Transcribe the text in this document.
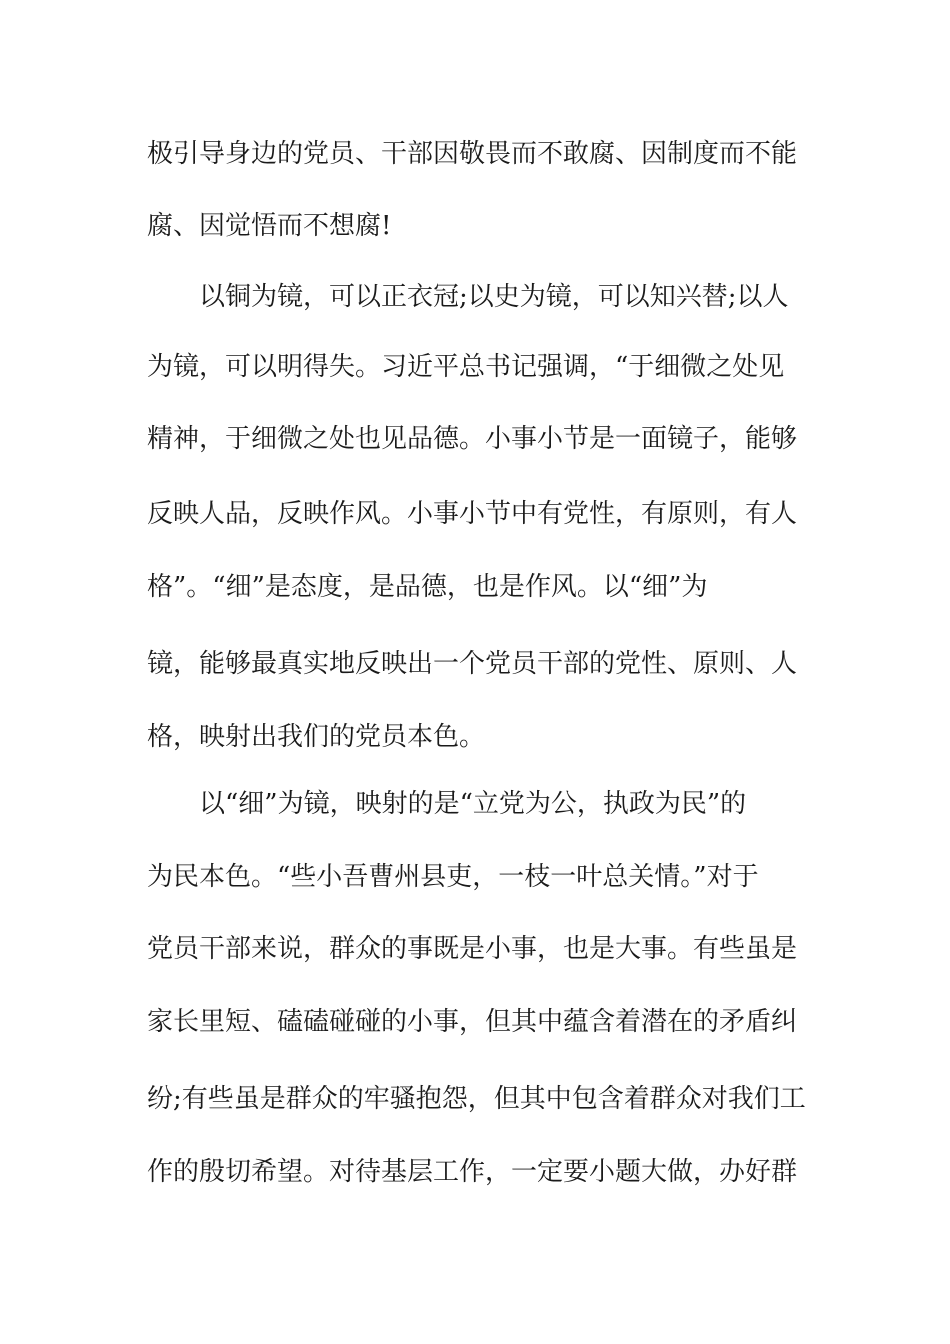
极引导身边的党员、干部因敬畏而不敢腐、因制度而不能
腐、因觉悟而不想腐!
以铜为镜，可以正衣冠;以史为镜，可以知兴替;以人
为镜，可以明得失。习近平总书记强调，“于细微之处见
精神，于细微之处也见品德。小事小节是一面镜子，能够
反映人品，反映作风。小事小节中有党性，有原则，有人
格”。“细”是态度，是品德，也是作风。以“细”为
镜，能够最真实地反映出一个党员干部的党性、原则、人
格，映射出我们的党员本色。
以“细”为镜，映射的是“立党为公，执政为民”的
为民本色。“些小吾曹州县吏，一枝一叶总关情。”对于
党员干部来说，群众的事既是小事，也是大事。有些虽是
家长里短、磕磕碰碰的小事，但其中蕴含着潜在的矛盾纠
纷;有些虽是群众的牢骚抱怨，但其中包含着群众对我们工
作的殷切希望。对待基层工作，一定要小题大做，办好群
